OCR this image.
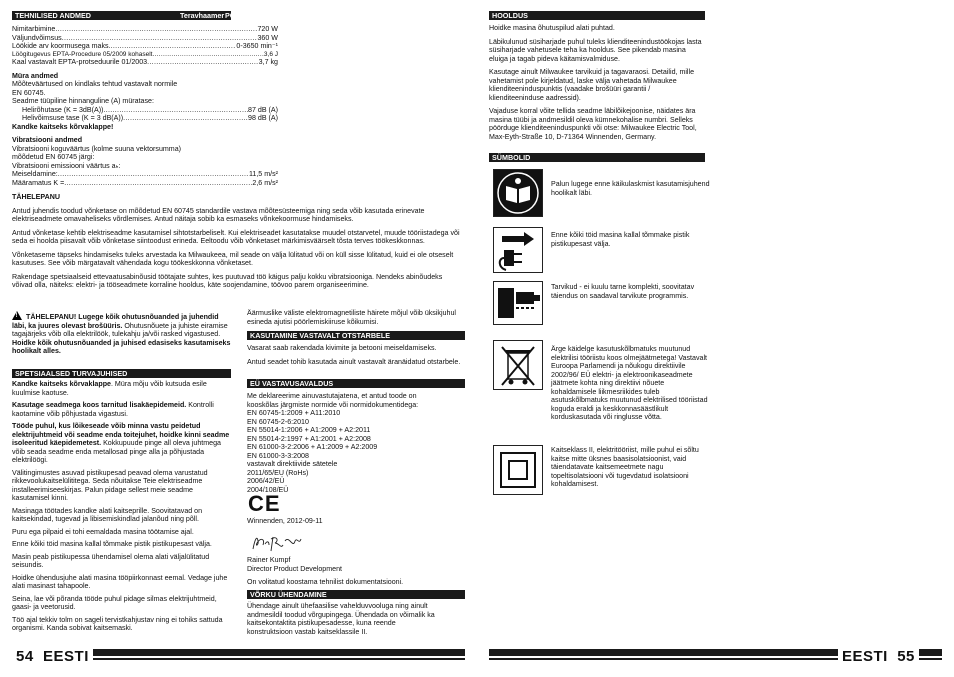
TEHNILISED ANDMED	Teravhaamer PCE 3
Nimitarbimine .....	720 W
Väljundvõimsus .....	360 W
Löökide arv koormusega maks. .....	0-3650 min⁻¹
Löögitugevus EPTA-Procedure 05/2009 kohaselt .....	3,6 J
Kaal vastavalt EPTA-protseduurile 01/2003 .....	3,7 kg
Müra andmed
Mõõteväärtused on kindlaks tehtud vastavalt normile
EN 60745.
Seadme tüüpiline hinnanguline (A) müratase:
Helirõhutase (K = 3dB(A)) .....	87 dB (A)
Helivõimsuse tase (K = 3 dB(A)) .....	98 dB (A)
Kandke kaitseks kõrvaklappe!
Vibratsiooni andmed
Vibratsiooni koguväärtus (kolme suuna vektorsumma)
mõõdetud EN 60745 järgi:
Vibratsiooni emissiooni väärtus aₕ:
Meiseldamine: .....	11,5 m/s²
Määramatus K = .....	2,6 m/s²
TÄHELEPANU
Antud juhendis toodud võnketase on mõõdetud EN 60745 standardile vastava mõõtesüsteemiga ning seda võib kasutada erinevate elektriseadmete omavaheliseks võrdlemises. Antud näitaja sobib ka esmaseks võnkekoormuse hindamiseks.
Antud võnketase kehtib elektriseadme kasutamisel sihtotstarbeliselt. Kui elektriseadet kasutatakse muudel otstarvetel, muude tööriistadega või seda ei hoolda piisavalt võib võnketase siintoodust erineda. Eeltoodu võib võnketaset märkimisväärselt tõsta terves töökeskkonnas.
Võnketaseme täpseks hindamiseks tuleks arvestada ka Milwaukeea, mil seade on välja lülitatud või on küll sisse lülitatud, kuid ei ole otseselt kasutuses. See võib märgatavalt vähendada kogu töökeskkonna võnketaset.
Rakendage spetsiaalseid ettevaatusabinõusid töötajate suhtes, kes puutuvad töö käigus palju kokku vibratsiooniga. Nendeks abinõudeks võivad olla, näiteks: elektri- ja tööseadmete korraline hooldus, käte soojendamine, töövoo parem organiseerimine.
! TÄHELEPANU! Lugege kõik ohutusnõuanded ja juhendid läbi, ka juures olevast brošüüris. Ohutusnõuete ja juhiste eiramise tagajärjeks võib olla elektrilöök, tulekahju ja/või rasked vigastused.
Hoidke kõik ohutusnõuanded ja juhised edasiseks kasutamiseks hoolikalt alles.
SPETSIAALSED TURVAJUHISED
Kandke kaitseks kõrvaklappe. Müra mõju võib kutsuda esile kuulmise kaotuse.
Kasutage seadmega koos tarnitud lisakäepidemeid. Kontrolli kaotamine võib põhjustada vigastusi.
Tööde puhul, kus lõikeseade võib minna vastu peidetud elektrijuhtmeid või seadme enda toitejuhet, hoidke kinni seadme isoleeritud käepidemetest. Kokkupuude pinge all oleva juhtmega võib seada seadme enda metallosad pinge alla ja põhjustada elektrilöögi.
Välitingimustes asuvad pistikupesad peavad olema varustatud rikkevoolukaitselülititega. Seda nõuitakse Teie elektriseadme installeerimiseeskirjas. Palun pidage sellest meie seadme kasutamisel kinni.
Masinaga töötades kandke alati kaitseprille. Soovitatavad on kaitsekindad, tugevad ja libisemiskindlad jalanõud ning põll.
Puru ega pilpaid ei tohi eemaldada masina töötamise ajal.
Enne kõiki töid masina kallal tõmmake pistik pistikupesast välja.
Masin peab pistikupessa ühendamisel olema alati väljalülitatud seisundis.
Hoidke ühendusjuhe alati masina tööpiirkonnast eemal. Vedage juhe alati masinast tahapoole.
Seina, lae või põranda tööde puhul pidage silmas elektrijuhtmeid, gaasi- ja veetorusid.
Töö ajal tekkiv tolm on sageli tervistkahjustav ning ei tohiks sattuda organismi. Kanda sobivat kaitsemaski.
Äärmuslike väliste elektromagnetiliste häirete mõjul võib üksikjuhul esineda ajutisi pöörlemiskiiruse kõikumisi.
KASUTAMINE VASTAVALT OTSTARBELE
Vasarat saab rakendada kivimite ja betooni meiseldamiseks.
Antud seadet tohib kasutada ainult vastavalt äranäidatud otstarbele.
EÜ VASTAVUSAVALDUS
Me deklareerime ainuvastutajatena, et antud toode on
kooskõlas järgmiste normide või normidokumentidega:
EN 60745-1:2009 + A11:2010
EN 60745-2-6:2010
EN 55014-1:2006 + A1:2009 + A2:2011
EN 55014-2:1997 + A1:2001 + A2:2008
EN 61000-3-2:2006 + A1:2009 + A2:2009
EN 61000-3-3:2008
vastavalt direktiivide sätetele
2011/65/EU (RoHs)
2006/42/EÜ
2004/108/EÜ
CE
Winnenden, 2012-09-11
Rainer Kumpf
Director Product Development
On volitatud koostama tehnilist dokumentatsiooni.
VÕRKU ÜHENDAMINE
Ühendage ainult ühefaasilise vahelduvvooluga ning ainult
andmesildil toodud võrgupingega. Ühendada on võimalik ka
kaitsekontaktita pistikupesadesse, kuna reende
konstruktsioon vastab kaitseklassile II.
54 EESTI
HOOLDUS
Hoidke masina õhutuspilud alati puhtad.
Läbikulunud süsiharjade puhul tuleks klienditeenindustöökojas lasta süsiharjade vahetusele teha ka hooldus. See pikendab masina eluiga ja tagab pideva käitamisvalmiduse.
Kasutage ainult Milwaukee tarvikuid ja tagavaraosi. Detailid, mille vahetamist pole kirjeldatud, laske välja vahetada Milwaukee klienditeeninduspunktis (vaadake brošüüri garantii / klienditeeninduse aadressid).
Vajaduse korral võite tellida seadme läbilõikejoonise, näidates ära masina tüübi ja andmesildil oleva kümnekohalise numbri. Selleks pöörduge klienditeeninduspunkti või otse: Milwaukee Electric Tool, Max-Eyth-Straße 10, D-71364 Winnenden, Germany.
SÜMBOLID
Palun lugege enne käikulaskmist kasutamisjuhend hoolikalt läbi.
Enne kõiki töid masina kallal tõmmake pistik pistikupesast välja.
Tarvikud - ei kuulu tarne komplekti, soovitatav täiendus on saadaval tarvikute programmis.
Ärge käidelge kasutuskõlbmatuks muutunud elektrilisi tööriistu koos olmejäätmetega! Vastavalt Euroopa Parlamendi ja nõukogu direktiivile 2002/96/ EÜ elektri- ja elektroonikaseadmete jäätmete kohta ning direktiivi nõuete kohaldamisele liikmesriikides tuleb asutuskõlbmatuks muutunud elektrilised tööriistad koguda eraldi ja keskkonnasäästlikult korduskasutada või ringlusse võtta.
Kaitseklass II, elektritööriist, mille puhul ei sõltu kaitse mitte üksnes baasisolatsioonist, vaid täiendatavate kaitsemeetmete nagu topeltisolatsiooni või tugevdatud isolatsiooni kohaldamisest.
EESTI 55
